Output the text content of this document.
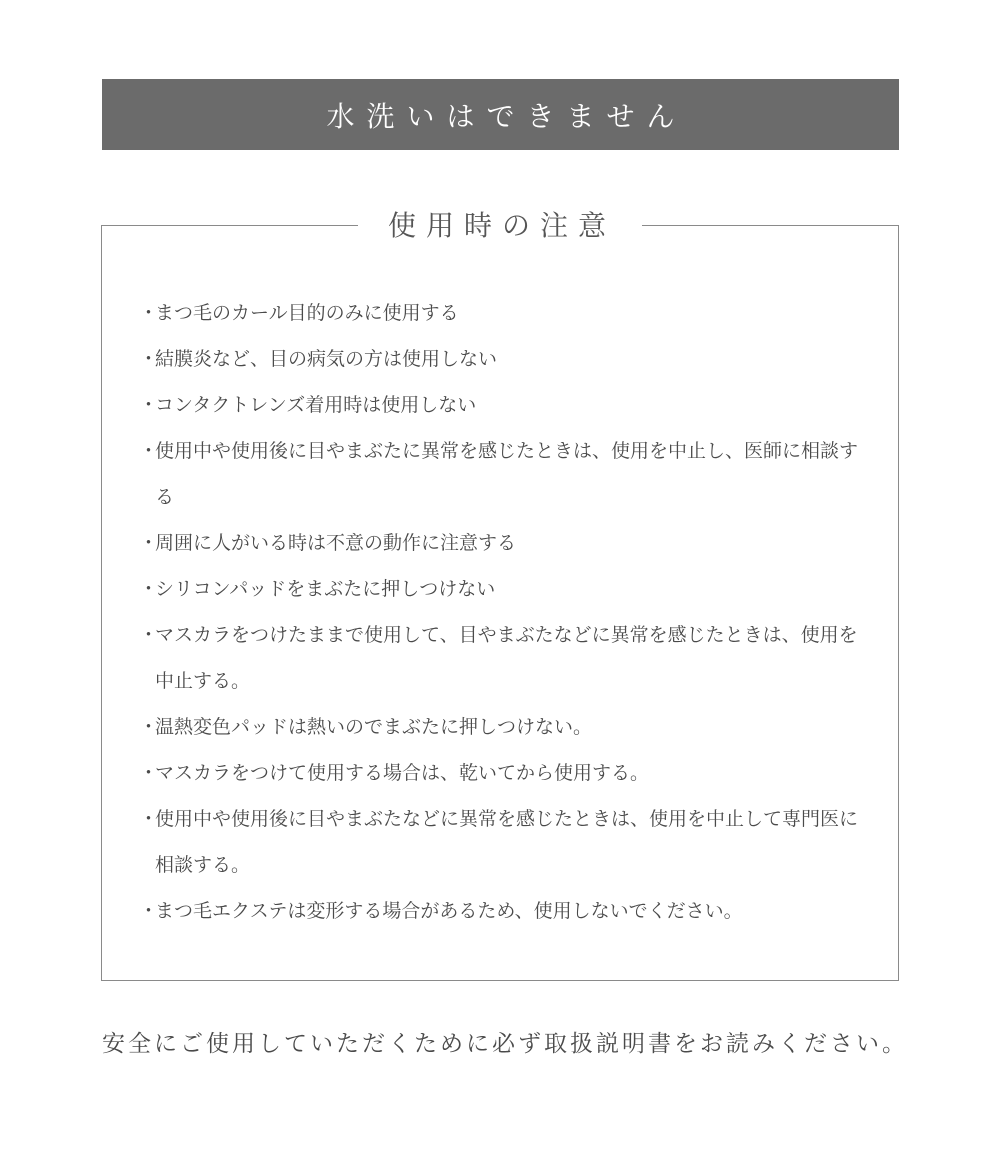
水洗いはできません
使用時の注意
・
まつ毛のカール目的のみに使用する
・
結膜炎など、目の病気の方は使用しない
・
コンタクトレンズ着用時は使用しない
・
使用中や使用後に目やまぶたに異常を感じたときは、使用を中止し、医師に相談する
・
周囲に人がいる時は不意の動作に注意する
・
シリコンパッドをまぶたに押しつけない
・
マスカラをつけたままで使用して、目やまぶたなどに異常を感じたときは、使用を中止する。
・
温熱変色パッドは熱いのでまぶたに押しつけない。
・
マスカラをつけて使用する場合は、乾いてから使用する。
・
使用中や使用後に目やまぶたなどに異常を感じたときは、使用を中止して専門医に相談する。
・
まつ毛エクステは変形する場合があるため、使用しないでください。
安全にご使用していただくために必ず取扱説明書をお読みください。
